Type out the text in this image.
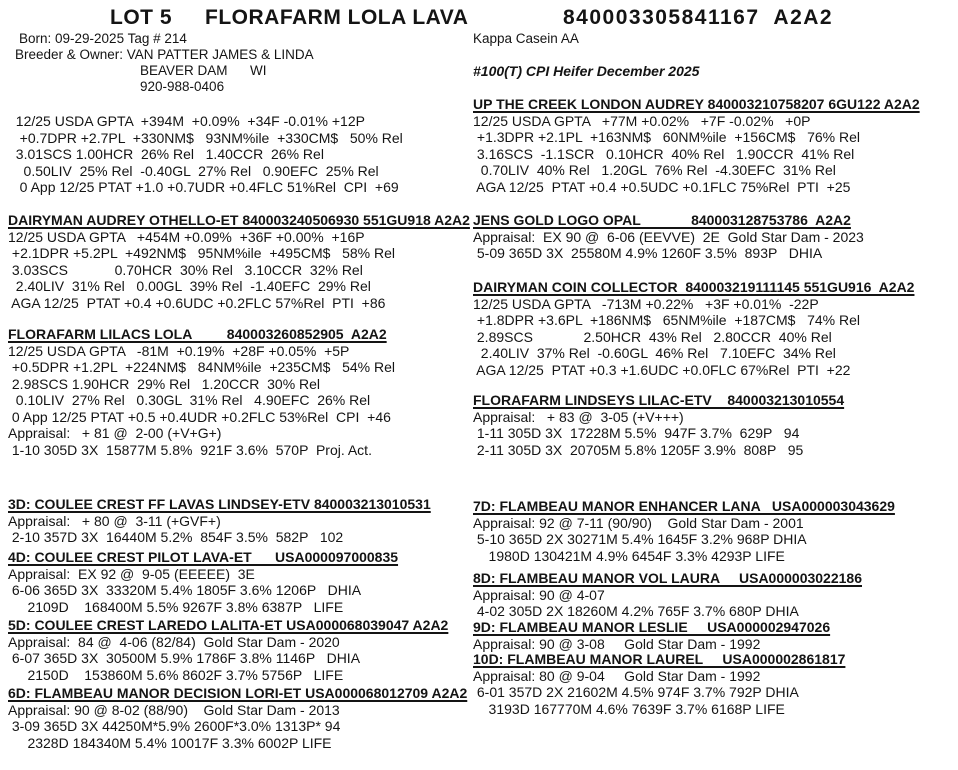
LOT 5 FLORAFARM LOLA LAVA	840003305841167  A2A2
Born: 09-29-2025 Tag # 214
Breeder & Owner: VAN PATTER JAMES & LINDA
BEAVER DAM      WI
920-988-0406
Kappa Casein AA
#100(T) CPI Heifer December 2025
12/25 USDA GPTA  +394M  +0.09%  +34F -0.01% +12P
+0.7DPR +2.7PL  +330NM$   93NM%ile  +330CM$   50% Rel
3.01SCS 1.00HCR  26% Rel   1.40CCR  26% Rel
0.50LIV  25% Rel  -0.40GL  27% Rel   0.90EFC  25% Rel
0 App 12/25 PTAT +1.0 +0.7UDR +0.4FLC 51%Rel  CPI  +69
DAIRYMAN AUDREY OTHELLO-ET 840003240506930 551GU918 A2A2
12/25 USDA GPTA   +454M +0.09%  +36F +0.00%  +16P
+2.1DPR +5.2PL  +492NM$   95NM%ile  +495CM$   58% Rel
3.03SCS            0.70HCR  30% Rel   3.10CCR  32% Rel
2.40LIV  31% Rel   0.00GL  39% Rel  -1.40EFC  29% Rel
AGA 12/25  PTAT +0.4 +0.6UDC +0.2FLC 57%Rel  PTI  +86
FLORAFARM LILACS LOLA         840003260852905  A2A2
12/25 USDA GPTA   -81M  +0.19%  +28F +0.05%  +5P
+0.5DPR +1.2PL  +224NM$   84NM%ile  +235CM$   54% Rel
2.98SCS 1.90HCR  29% Rel   1.20CCR  30% Rel
0.10LIV  27% Rel   0.30GL  31% Rel   4.90EFC  26% Rel
0 App 12/25 PTAT +0.5 +0.4UDR +0.2FLC 53%Rel  CPI  +46
Appraisal:   + 81 @  2-00 (+V+G+)
1-10 305D 3X  15877M 5.8%  921F 3.6%  570P  Proj. Act.
3D: COULEE CREST FF LAVAS LINDSEY-ETV 840003213010531
Appraisal:   + 80 @  3-11 (+GVF+)
2-10 357D 3X  16440M 5.2%  854F 3.5%  582P   102
4D: COULEE CREST PILOT LAVA-ET      USA000097000835
Appraisal:  EX 92 @  9-05 (EEEEE)  3E
6-06 365D 3X  33320M 5.4% 1805F 3.6% 1206P   DHIA
2109D    168400M 5.5% 9267F 3.8% 6387P   LIFE
5D: COULEE CREST LAREDO LALITA-ET USA000068039047 A2A2
Appraisal:  84 @  4-06 (82/84)  Gold Star Dam - 2020
6-07 365D 3X  30500M 5.9% 1786F 3.8% 1146P   DHIA
2150D    153860M 5.6% 8602F 3.7% 5756P   LIFE
6D: FLAMBEAU MANOR DECISION LORI-ET USA000068012709 A2A2
Appraisal: 90 @ 8-02 (88/90)    Gold Star Dam - 2013
3-09 365D 3X 44250M*5.9% 2600F*3.0% 1313P* 94
2328D 184340M 5.4% 10017F 3.3% 6002P LIFE
UP THE CREEK LONDON AUDREY 840003210758207 6GU122 A2A2
12/25 USDA GPTA   +77M +0.02%   +7F -0.02%   +0P
+1.3DPR +2.1PL  +163NM$   60NM%ile  +156CM$   76% Rel
3.16SCS  -1.1SCR   0.10HCR  40% Rel   1.90CCR  41% Rel
0.70LIV  40% Rel   1.20GL  76% Rel  -4.30EFC  31% Rel
AGA 12/25  PTAT +0.4 +0.5UDC +0.1FLC 75%Rel  PTI  +25
JENS GOLD LOGO OPAL             840003128753786  A2A2
Appraisal:  EX 90 @  6-06 (EEVVE)  2E  Gold Star Dam - 2023
5-09 365D 3X  25580M 4.9% 1260F 3.5%  893P   DHIA
DAIRYMAN COIN COLLECTOR  840003219111145 551GU916  A2A2
12/25 USDA GPTA   -713M +0.22%   +3F +0.01%  -22P
+1.8DPR +3.6PL  +186NM$   65NM%ile  +187CM$   74% Rel
2.89SCS             2.50HCR  43% Rel   2.80CCR  40% Rel
2.40LIV  37% Rel  -0.60GL  46% Rel   7.10EFC  34% Rel
AGA 12/25  PTAT +0.3 +1.6UDC +0.0FLC 67%Rel  PTI  +22
FLORAFARM LINDSEYS LILAC-ETV    840003213010554
Appraisal:   + 83 @  3-05 (+V+++)
1-11 305D 3X  17228M 5.5%  947F 3.7%  629P   94
2-11 305D 3X  20705M 5.8% 1205F 3.9%  808P   95
7D: FLAMBEAU MANOR ENHANCER LANA   USA000003043629
Appraisal: 92 @ 7-11 (90/90)    Gold Star Dam - 2001
5-10 365D 2X 30271M 5.4% 1645F 3.2% 968P DHIA
1980D 130421M 4.9% 6454F 3.3% 4293P LIFE
8D: FLAMBEAU MANOR VOL LAURA     USA000003022186
Appraisal: 90 @ 4-07
4-02 305D 2X 18260M 4.2% 765F 3.7% 680P DHIA
9D: FLAMBEAU MANOR LESLIE     USA000002947026
Appraisal: 90 @ 3-08     Gold Star Dam - 1992
10D: FLAMBEAU MANOR LAUREL     USA000002861817
Appraisal: 80 @ 9-04     Gold Star Dam - 1992
6-01 357D 2X 21602M 4.5% 974F 3.7% 792P DHIA
3193D 167770M 4.6% 7639F 3.7% 6168P LIFE
